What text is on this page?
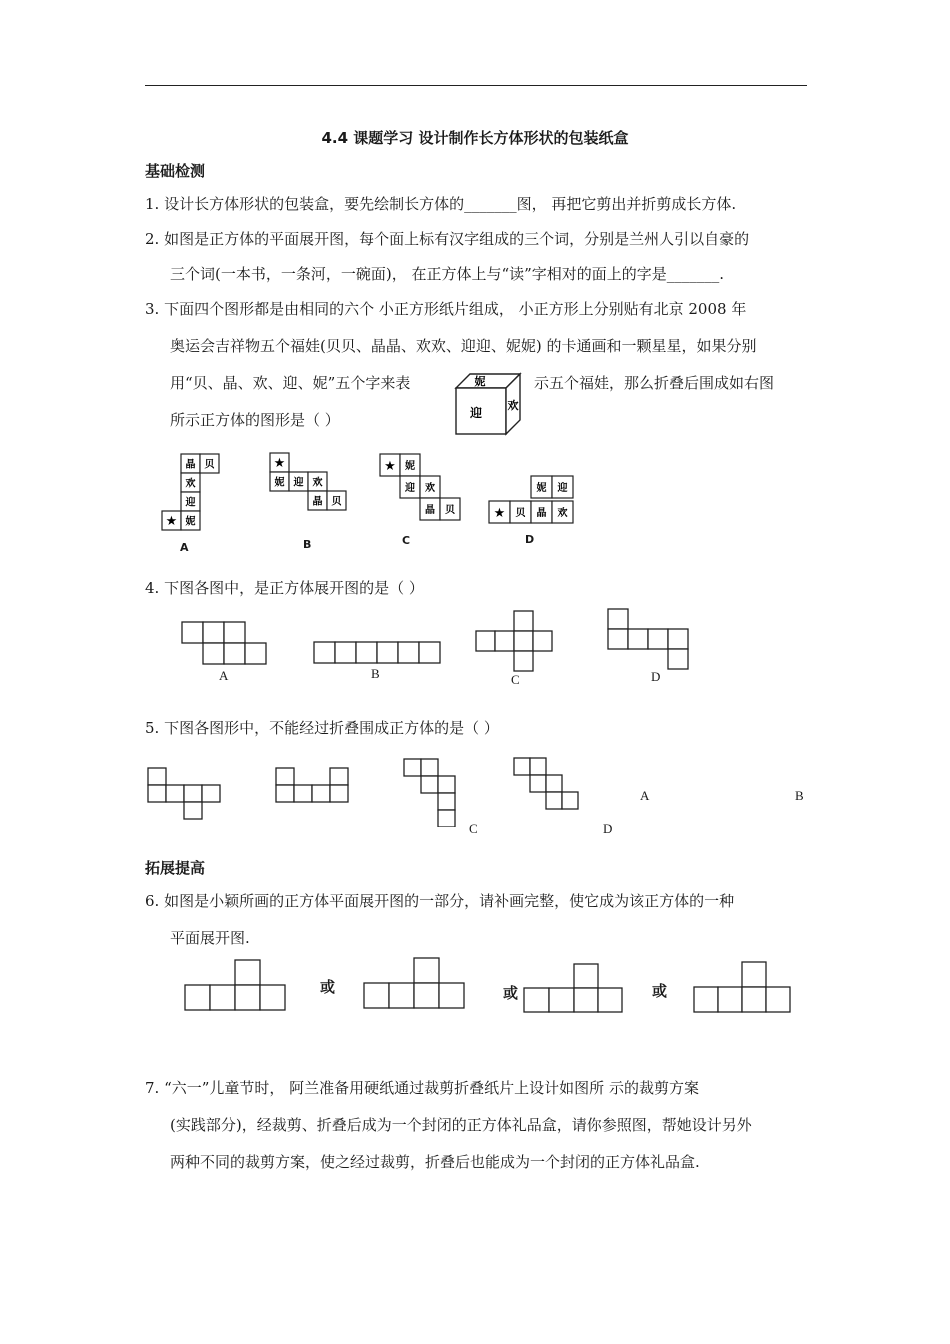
4.4 课题学习 设计制作长方体形状的包装纸盒
基础检测
1. 设计长方体形状的包装盒，要先绘制长方体的_______图， 再把它剪出并折剪成长方体.
2. 如图是正方体的平面展开图，每个面上标有汉字组成的三个词，分别是兰州人引以自豪的
三个词(一本书，一条河，一碗面)， 在正方体上与“读”字相对的面上的字是_______.
3. 下面四个图形都是由相同的六个 小正方形纸片组成， 小正方形上分别贴有北京 2008 年
奥运会吉祥物五个福娃(贝贝、晶晶、欢欢、迎迎、妮妮) 的卡通画和一颗星星，如果分别
用“贝、晶、欢、迎、妮”五个字来表	示五个福娃，那么折叠后围成如右图
所示正方体的图形是（ ）
妮
迎
欢
晶 贝
欢
迎
★ 妮
A
★
妮 迎 欢
晶 贝
B
★ 妮
迎 欢
晶 贝
C
妮 迎
★ 贝 晶 欢
D
4. 下图各图中，是正方体展开图的是（ ）
A	B	C	D
5. 下图各图形中，不能经过折叠围成正方体的是（ ）
A	B
C	D
拓展提高
6. 如图是小颖所画的正方体平面展开图的一部分，请补画完整，使它成为该正方体的一种
平面展开图.
或	或	或
7. “六一”儿童节时， 阿兰准备用硬纸通过裁剪折叠纸片上设计如图所 示的裁剪方案
(实践部分)，经裁剪、折叠后成为一个封闭的正方体礼品盒，请你参照图，帮她设计另外
两种不同的裁剪方案，使之经过裁剪，折叠后也能成为一个封闭的正方体礼品盒.
